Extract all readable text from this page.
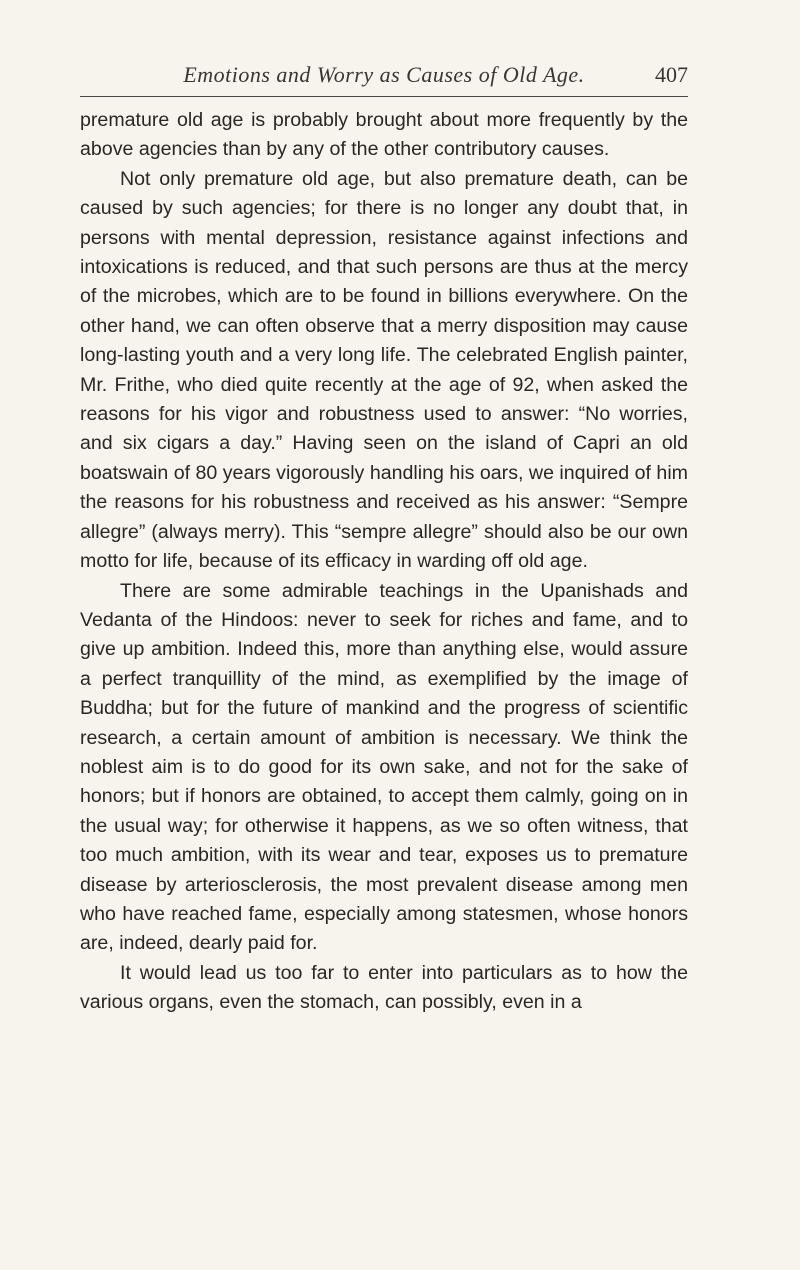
Emotions and Worry as Causes of Old Age.	407

premature old age is probably brought about more frequently by the above agencies than by any of the other contributory causes.

Not only premature old age, but also premature death, can be caused by such agencies; for there is no longer any doubt that, in persons with mental depression, resistance against infections and intoxications is reduced, and that such persons are thus at the mercy of the microbes, which are to be found in billions everywhere. On the other hand, we can often observe that a merry disposition may cause long-lasting youth and a very long life. The celebrated English painter, Mr. Frithe, who died quite recently at the age of 92, when asked the reasons for his vigor and robustness used to answer: “No worries, and six cigars a day.” Having seen on the island of Capri an old boatswain of 80 years vigorously handling his oars, we inquired of him the reasons for his robustness and received as his answer: “Sempre allegre” (always merry). This “sempre allegre” should also be our own motto for life, because of its efficacy in warding off old age.

There are some admirable teachings in the Upanishads and Vedanta of the Hindoos: never to seek for riches and fame, and to give up ambition. Indeed this, more than anything else, would assure a perfect tranquillity of the mind, as exemplified by the image of Buddha; but for the future of mankind and the progress of scientific research, a certain amount of ambition is necessary. We think the noblest aim is to do good for its own sake, and not for the sake of honors; but if honors are obtained, to accept them calmly, going on in the usual way; for otherwise it happens, as we so often witness, that too much ambition, with its wear and tear, exposes us to premature disease by arteriosclerosis, the most prevalent disease among men who have reached fame, especially among statesmen, whose honors are, indeed, dearly paid for.

It would lead us too far to enter into particulars as to how the various organs, even the stomach, can possibly, even in a
